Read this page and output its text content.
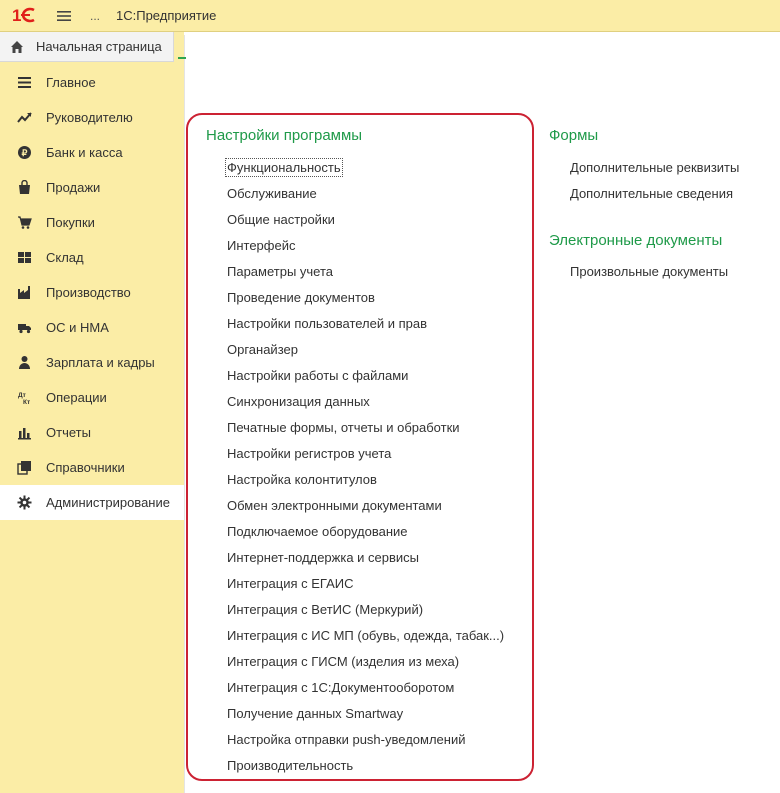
1	... 1С:Предприятие
Начальная страница
Главное
Руководителю
₽ Банк и касса
Продажи
Покупки
Склад
Производство
ОС и НМА
Зарплата и кадры
Дт
Кт Операции
Отчеты
Справочники
Администрирование
Настройки программы
Функциональность
Обслуживание
Общие настройки
Интерфейс
Параметры учета
Проведение документов
Настройки пользователей и прав
Органайзер
Настройки работы с файлами
Синхронизация данных
Печатные формы, отчеты и обработки
Настройки регистров учета
Настройка колонтитулов
Обмен электронными документами
Подключаемое оборудование
Интернет-поддержка и сервисы
Интеграция с ЕГАИС
Интеграция с ВетИС (Меркурий)
Интеграция с ИС МП (обувь, одежда, табак...)
Интеграция с ГИСМ (изделия из меха)
Интеграция с 1С:Документооборотом
Получение данных Smartway
Настройка отправки push-уведомлений
Производительность
Формы
Дополнительные реквизиты
Дополнительные сведения
Электронные документы
Произвольные документы
